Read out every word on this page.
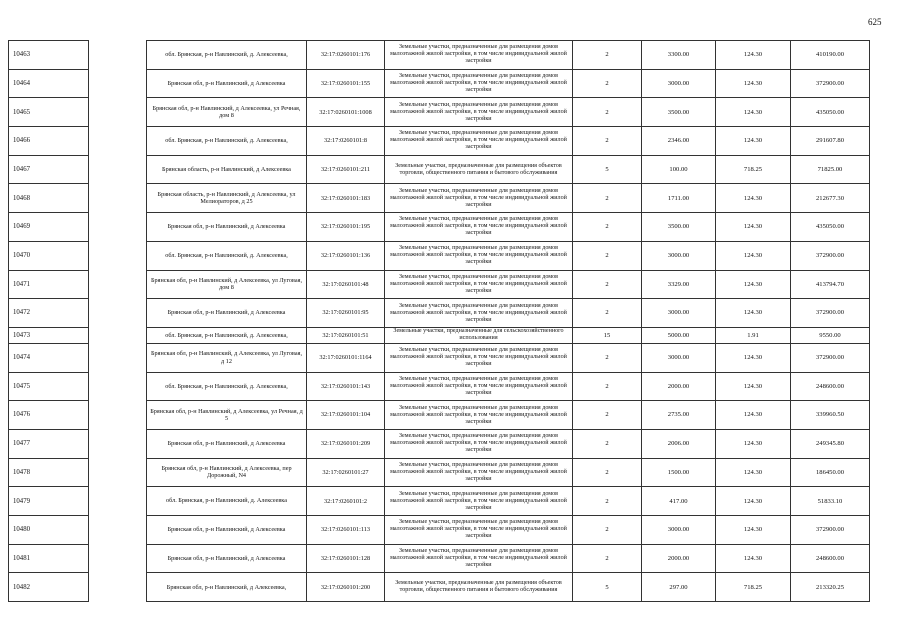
625
10463		обл. Брянская, р-н Навлинский, д. Алексеевка,	32:17:0260101:176	Земельные участки, предназначенные для размещения домов малоэтажной жилой застройки, в том числе индивидуальной жилой застройки	2	3300.00	124.30	410190.00
10464		Брянская обл, р-н Навлинский, д Алексеевка	32:17:0260101:155	Земельные участки, предназначенные для размещения домов малоэтажной жилой застройки, в том числе индивидуальной жилой застройки	2	3000.00	124.30	372900.00
10465		Брянская обл, р-н Навлинский, д Алексеевка, ул Речная, дом 8	32:17:0260101:1008	Земельные участки, предназначенные для размещения домов малоэтажной жилой застройки, в том числе индивидуальной жилой застройки	2	3500.00	124.30	435050.00
10466		обл. Брянская, р-н Навлинский, д. Алексеевка,	32:17:0260101:8	Земельные участки, предназначенные для размещения домов малоэтажной жилой застройки, в том числе индивидуальной жилой застройки	2	2346.00	124.30	291607.80
10467		Брянская область, р-н Навлинский, д Алексеевка	32:17:0260101:211	Земельные участки, предназначенные для размещения объектов торговли, общественного питания и бытового обслуживания	5	100.00	718.25	71825.00
10468		Брянская область, р-н Навлинский, д Алексеевка, ул Мелиораторов, д 25	32:17:0260101:183	Земельные участки, предназначенные для размещения домов малоэтажной жилой застройки, в том числе индивидуальной жилой застройки	2	1711.00	124.30	212677.30
10469		Брянская обл, р-н Навлинский, д Алексеевка	32:17:0260101:195	Земельные участки, предназначенные для размещения домов малоэтажной жилой застройки, в том числе индивидуальной жилой застройки	2	3500.00	124.30	435050.00
10470		обл. Брянская, р-н Навлинский, д. Алексеевка,	32:17:0260101:136	Земельные участки, предназначенные для размещения домов малоэтажной жилой застройки, в том числе индивидуальной жилой застройки	2	3000.00	124.30	372900.00
10471		Брянская обл, р-н Навлинский, д Алексеевка, ул Луговая, дом 8	32:17:0260101:48	Земельные участки, предназначенные для размещения домов малоэтажной жилой застройки, в том числе индивидуальной жилой застройки	2	3329.00	124.30	413794.70
10472		Брянская обл, р-н Навлинский, д Алексеевка	32:17:0260101:95	Земельные участки, предназначенные для размещения домов малоэтажной жилой застройки, в том числе индивидуальной жилой застройки	2	3000.00	124.30	372900.00
10473		обл. Брянская, р-н Навлинский, д. Алексеевка,	32:17:0260101:51	Земельные участки, предназначенные для сельскохозяйственного использования	15	5000.00	1.91	9550.00
10474		Брянская обл, р-н Навлинский, д Алексеевка, ул Луговая, д 12	32:17:0260101:1164	Земельные участки, предназначенные для размещения домов малоэтажной жилой застройки, в том числе индивидуальной жилой застройки	2	3000.00	124.30	372900.00
10475		обл. Брянская, р-н Навлинский, д. Алексеевка,	32:17:0260101:143	Земельные участки, предназначенные для размещения домов малоэтажной жилой застройки, в том числе индивидуальной жилой застройки	2	2000.00	124.30	248600.00
10476		Брянская обл, р-н Навлинский, д Алексеевка, ул Речная, д 5	32:17:0260101:104	Земельные участки, предназначенные для размещения домов малоэтажной жилой застройки, в том числе индивидуальной жилой застройки	2	2735.00	124.30	339960.50
10477		Брянская обл, р-н Навлинский, д Алексеевка	32:17:0260101:209	Земельные участки, предназначенные для размещения домов малоэтажной жилой застройки, в том числе индивидуальной жилой застройки	2	2006.00	124.30	249345.80
10478		Брянская обл, р-н Навлинский, д Алексеевка, пер Дорожный, N4	32:17:0260101:27	Земельные участки, предназначенные для размещения домов малоэтажной жилой застройки, в том числе индивидуальной жилой застройки	2	1500.00	124.30	186450.00
10479		обл. Брянская, р-н Навлинский, д. Алексеевка	32:17:0260101:2	Земельные участки, предназначенные для размещения домов малоэтажной жилой застройки, в том числе индивидуальной жилой застройки	2	417.00	124.30	51833.10
10480		Брянская обл, р-н Навлинский, д Алексеевка	32:17:0260101:113	Земельные участки, предназначенные для размещения домов малоэтажной жилой застройки, в том числе индивидуальной жилой застройки	2	3000.00	124.30	372900.00
10481		Брянская обл, р-н Навлинский, д Алексеевка	32:17:0260101:128	Земельные участки, предназначенные для размещения домов малоэтажной жилой застройки, в том числе индивидуальной жилой застройки	2	2000.00	124.30	248600.00
10482		Брянская обл, р-н Навлинский, д Алексеевка,	32:17:0260101:200	Земельные участки, предназначенные для размещения объектов торговли, общественного питания и бытового обслуживания	5	297.00	718.25	213320.25
